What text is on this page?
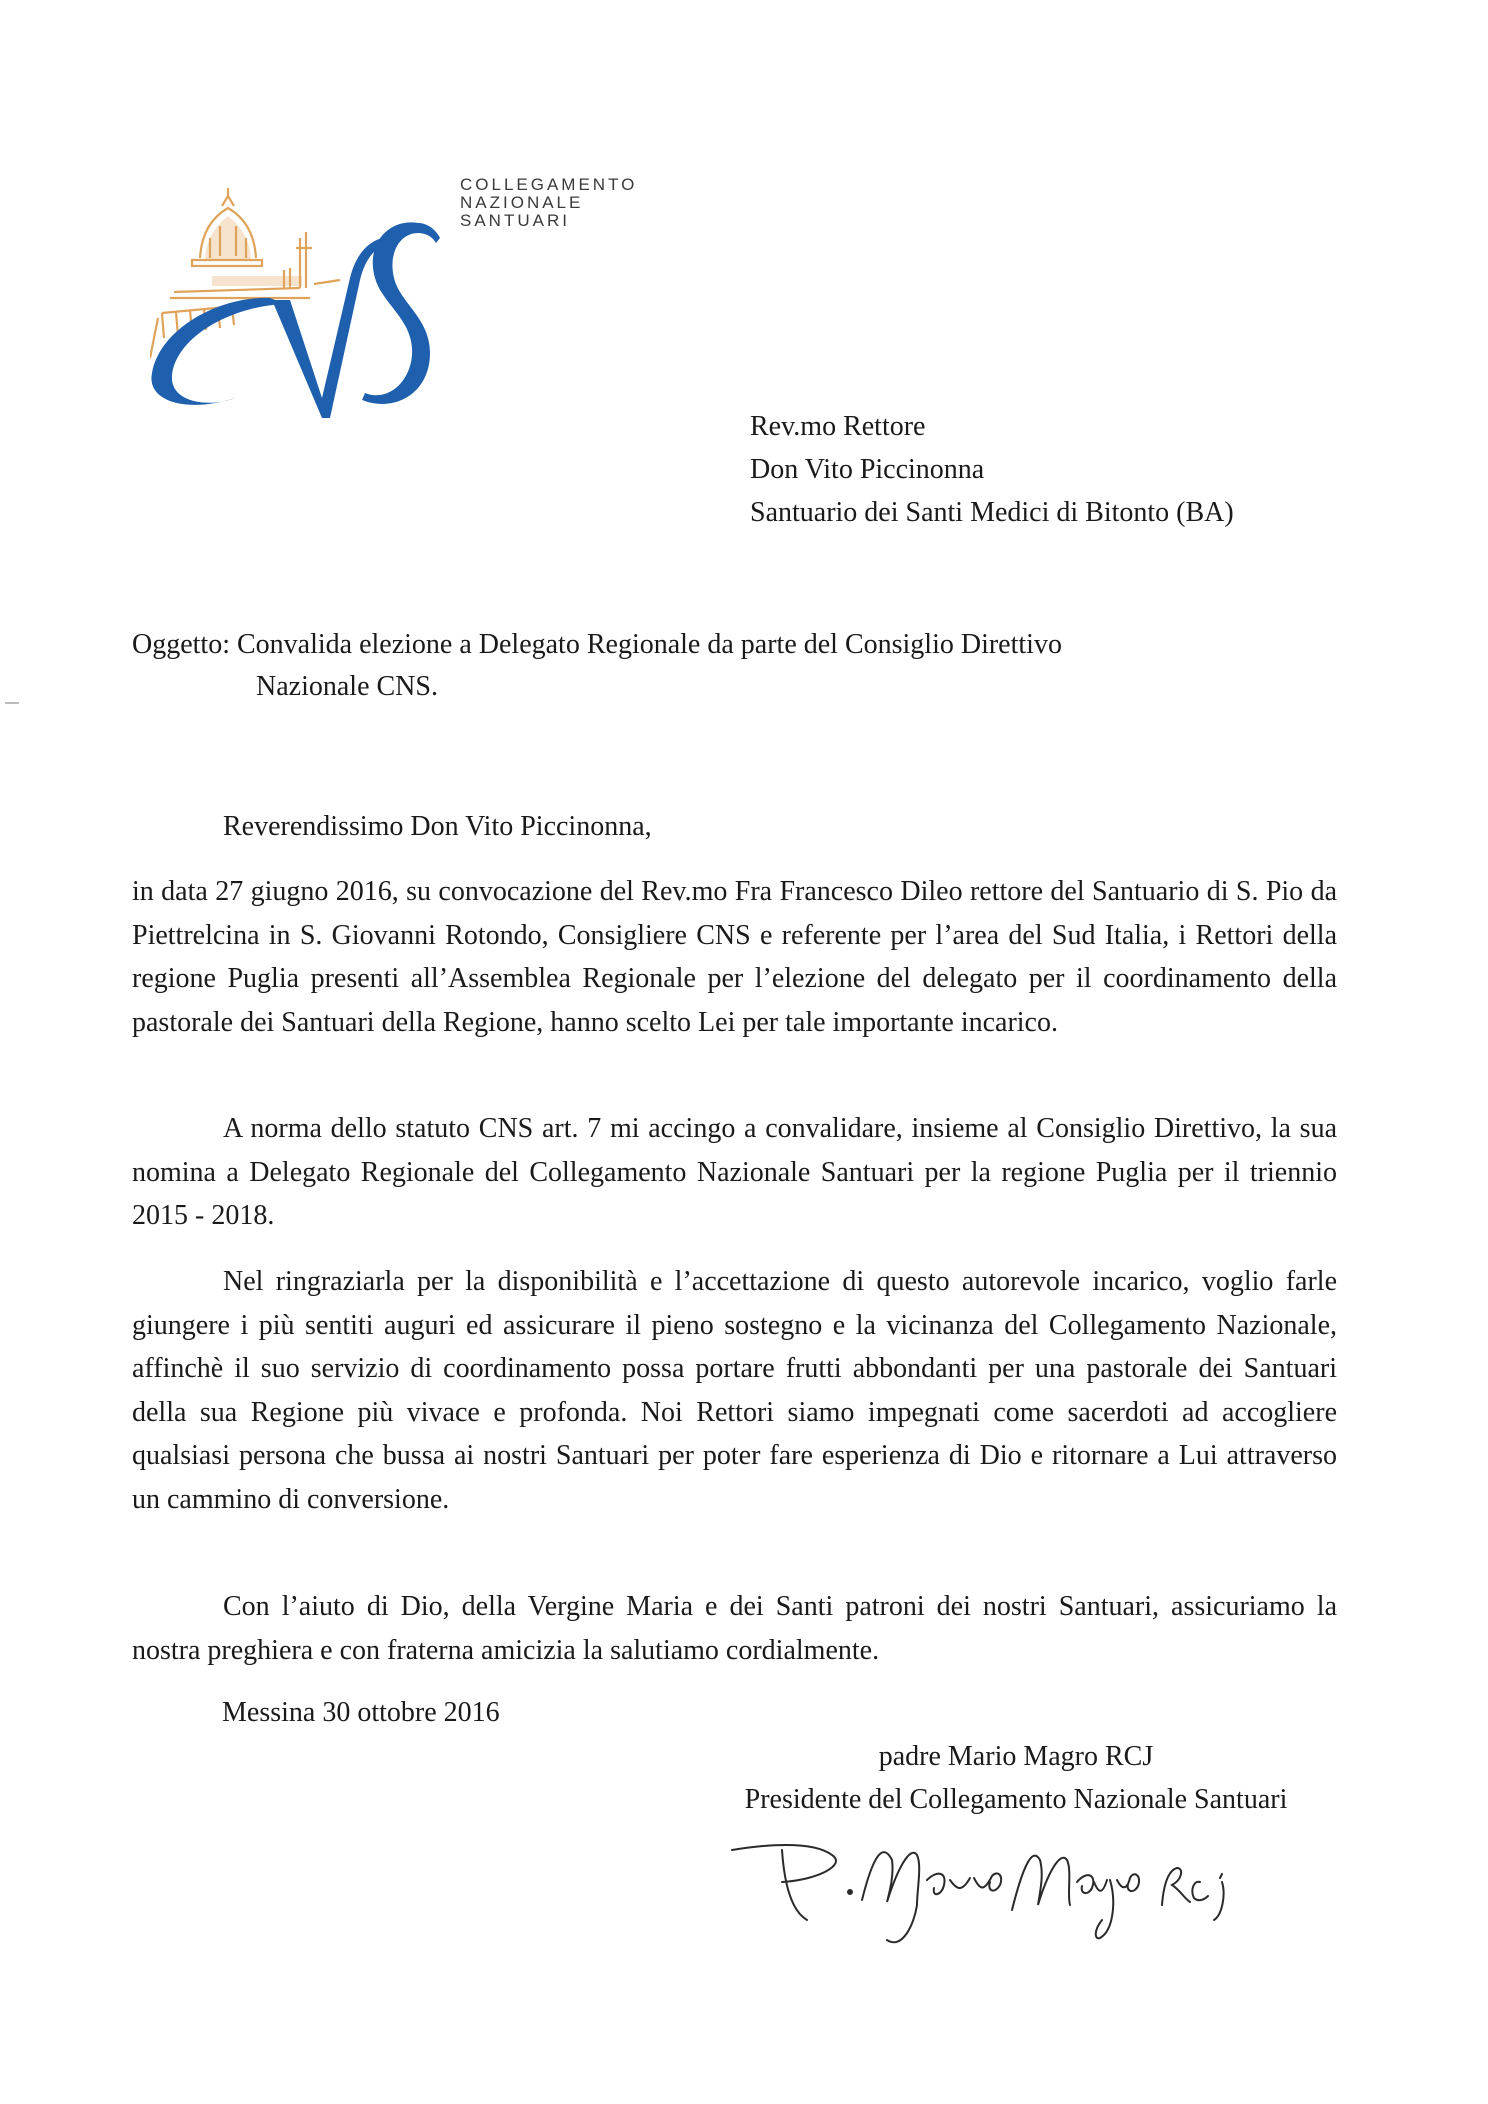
COLLEGAMENTO
NAZIONALE
SANTUARI
Rev.mo Rettore
Don Vito Piccinonna
Santuario dei Santi Medici di Bitonto (BA)
Oggetto: Convalida elezione a Delegato Regionale da parte del Consiglio Direttivo
Nazionale CNS.
Reverendissimo Don Vito Piccinonna,

in data 27 giugno 2016, su convocazione del Rev.mo Fra Francesco Dileo rettore del Santuario di S. Pio da Piettrelcina in S. Giovanni Rotondo, Consigliere CNS e referente per l’area del Sud Italia, i Rettori della regione Puglia presenti all’Assemblea Regionale per l’elezione del delegato per il coordinamento della pastorale dei Santuari della Regione, hanno scelto Lei per tale importante incarico.

A norma dello statuto CNS art. 7 mi accingo a convalidare, insieme al Consiglio Direttivo, la sua nomina a Delegato Regionale del Collegamento Nazionale Santuari per la regione Puglia per il triennio 2015 - 2018.

Nel ringraziarla per la disponibilità e l’accettazione di questo autorevole incarico, voglio farle giungere i più sentiti auguri ed assicurare il pieno sostegno e la vicinanza del Collegamento Nazionale, affinchè il suo servizio di coordinamento possa portare frutti abbondanti per una pastorale dei Santuari della sua Regione più vivace e profonda. Noi Rettori siamo impegnati come sacerdoti ad accogliere qualsiasi persona che bussa ai nostri Santuari per poter fare esperienza di Dio e ritornare a Lui attraverso un cammino di conversione.

Con l’aiuto di Dio, della Vergine Maria e dei Santi patroni dei nostri Santuari, assicuriamo la nostra preghiera e con fraterna amicizia la salutiamo cordialmente.

Messina 30 ottobre 2016
padre Mario Magro RCJ
Presidente del Collegamento Nazionale Santuari
